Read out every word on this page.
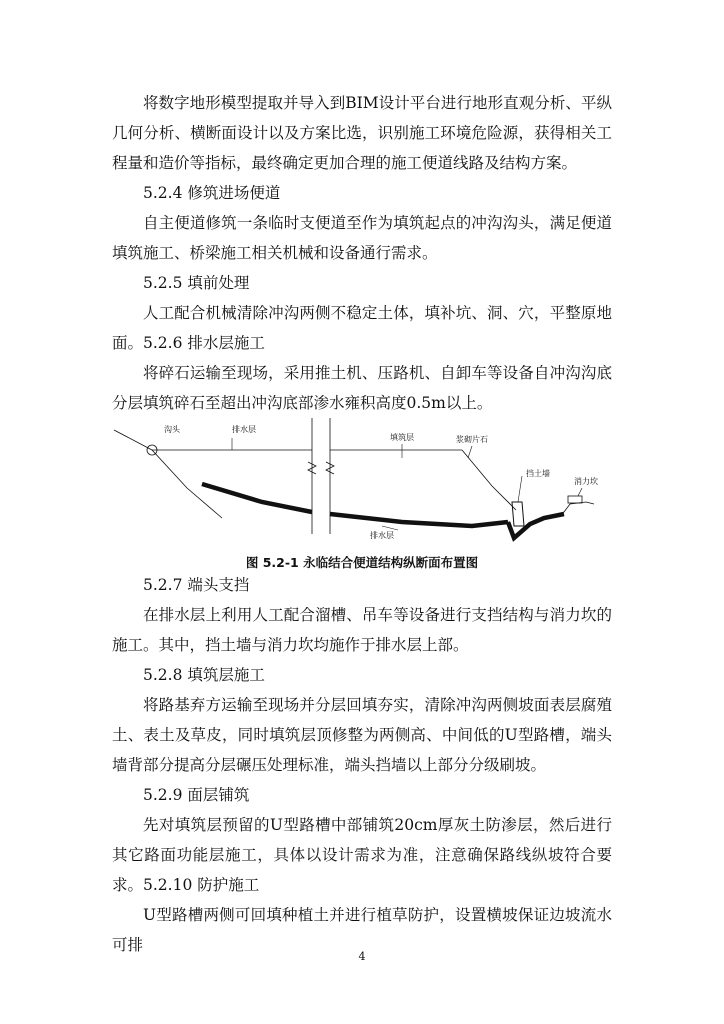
将数字地形模型提取并导入到BIM设计平台进行地形直观分析、平纵几何分析、横断面设计以及方案比选，识别施工环境危险源，获得相关工程量和造价等指标，最终确定更加合理的施工便道线路及结构方案。

5.2.4 修筑进场便道

自主便道修筑一条临时支便道至作为填筑起点的冲沟沟头，满足便道填筑施工、桥梁施工相关机械和设备通行需求。

5.2.5 填前处理

人工配合机械清除冲沟两侧不稳定土体，填补坑、洞、穴，平整原地面。 5.2.6 排水层施工

将碎石运输至现场，采用推土机、压路机、自卸车等设备自冲沟沟底分层填筑碎石至超出冲沟底部渗水雍积高度0.5m以上。

沟头	排水层
填筑层	浆砌片石
挡土墙
消力坎
排水层
图 5.2-1 永临结合便道结构纵断面布置图

5.2.7 端头支挡

在排水层上利用人工配合溜槽、吊车等设备进行支挡结构与消力坎的施工。其中，挡土墙与消力坎均施作于排水层上部。

5.2.8 填筑层施工

将路基弃方运输至现场并分层回填夯实，清除冲沟两侧坡面表层腐殖土、表土及草皮，同时填筑层顶修整为两侧高、中间低的U型路槽，端头墙背部分提高分层碾压处理标准，端头挡墙以上部分分级刷坡。

5.2.9 面层铺筑

先对填筑层预留的U型路槽中部铺筑20cm厚灰土防渗层，然后进行其它路面功能层施工，具体以设计需求为准，注意确保路线纵坡符合要求。 5.2.10 防护施工

U型路槽两侧可回填种植土并进行植草防护，设置横坡保证边坡流水可排

4
